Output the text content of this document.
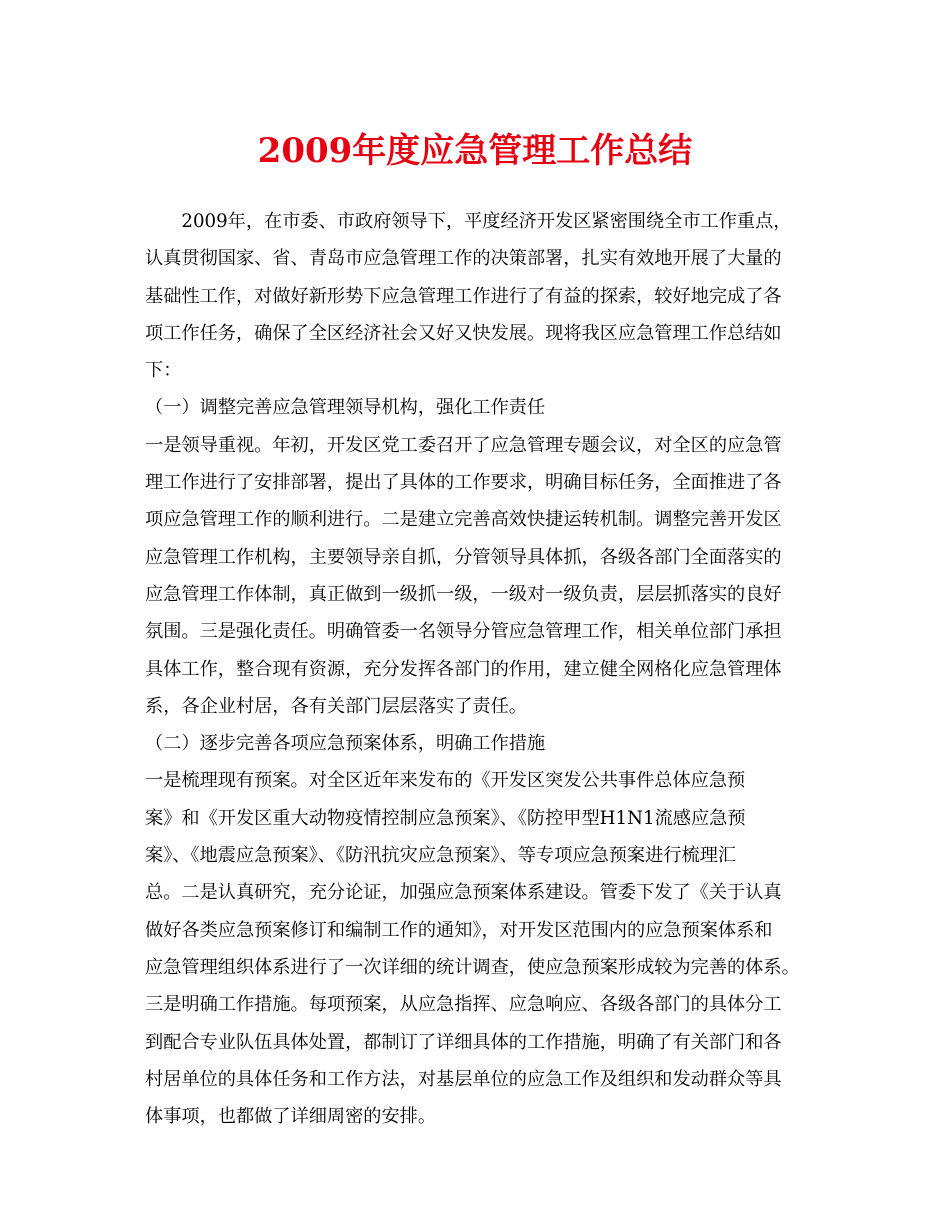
2009年度应急管理工作总结
　　2009年，在市委、市政府领导下，平度经济开发区紧密围绕全市工作重点，
认真贯彻国家、省、青岛市应急管理工作的决策部署，扎实有效地开展了大量的
基础性工作，对做好新形势下应急管理工作进行了有益的探索，较好地完成了各
项工作任务，确保了全区经济社会又好又快发展。现将我区应急管理工作总结如
下：
（一）调整完善应急管理领导机构，强化工作责任
一是领导重视。年初，开发区党工委召开了应急管理专题会议，对全区的应急管
理工作进行了安排部署，提出了具体的工作要求，明确目标任务，全面推进了各
项应急管理工作的顺利进行。二是建立完善高效快捷运转机制。调整完善开发区
应急管理工作机构，主要领导亲自抓，分管领导具体抓，各级各部门全面落实的
应急管理工作体制，真正做到一级抓一级，一级对一级负责，层层抓落实的良好
氛围。三是强化责任。明确管委一名领导分管应急管理工作，相关单位部门承担
具体工作，整合现有资源，充分发挥各部门的作用，建立健全网格化应急管理体
系，各企业村居，各有关部门层层落实了责任。
（二）逐步完善各项应急预案体系，明确工作措施
一是梳理现有预案。对全区近年来发布的《开发区突发公共事件总体应急预
案》和《开发区重大动物疫情控制应急预案》、《防控甲型H1N1流感应急预
案》、《地震应急预案》、《防汛抗灾应急预案》、等专项应急预案进行梳理汇
总。二是认真研究，充分论证，加强应急预案体系建设。管委下发了《关于认真
做好各类应急预案修订和编制工作的通知》，对开发区范围内的应急预案体系和
应急管理组织体系进行了一次详细的统计调查，使应急预案形成较为完善的体系。
三是明确工作措施。每项预案，从应急指挥、应急响应、各级各部门的具体分工
到配合专业队伍具体处置，都制订了详细具体的工作措施，明确了有关部门和各
村居单位的具体任务和工作方法，对基层单位的应急工作及组织和发动群众等具
体事项，也都做了详细周密的安排。
